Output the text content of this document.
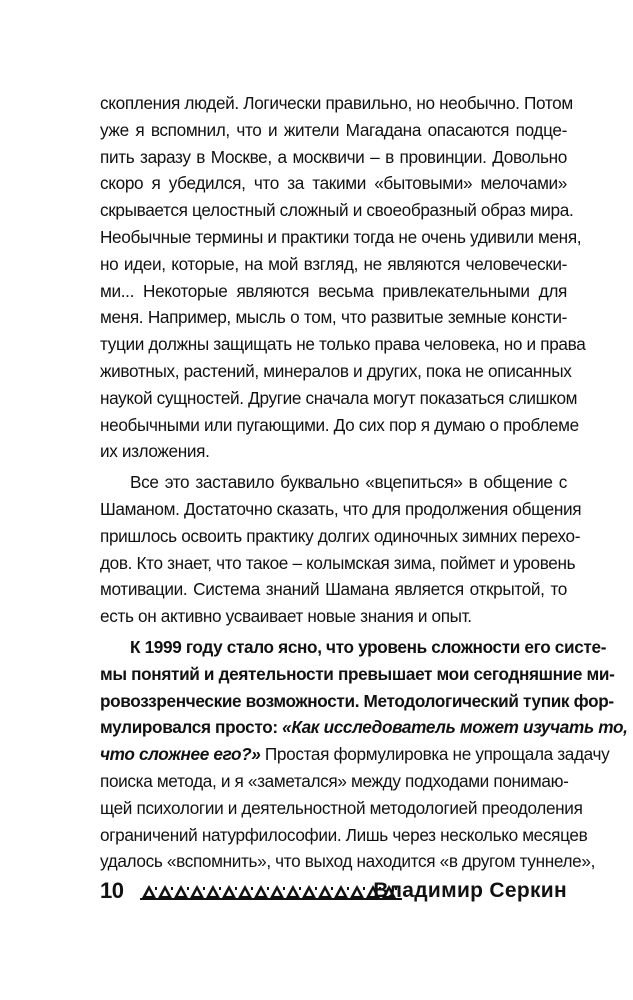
скопления людей. Логически правильно, но необычно. Потом
уже я вспомнил, что и жители Магадана опасаются подце-
пить заразу в Москве, а москвичи – в провинции. Довольно
скоро я убедился, что за такими «бытовыми» мелочами»
скрывается целостный сложный и своеобразный образ мира.
Необычные термины и практики тогда не очень удивили меня,
но идеи, которые, на мой взгляд, не являются человечески-
ми... Некоторые являются весьма привлекательными для
меня. Например, мысль о том, что развитые земные консти-
туции должны защищать не только права человека, но и права
животных, растений, минералов и других, пока не описанных
наукой сущностей. Другие сначала могут показаться слишком
необычными или пугающими. До сих пор я думаю о проблеме
их изложения.
Все это заставило буквально «вцепиться» в общение с
Шаманом. Достаточно сказать, что для продолжения общения
пришлось освоить практику долгих одиночных зимних перехо-
дов. Кто знает, что такое – колымская зима, поймет и уровень
мотивации. Система знаний Шамана является открытой, то
есть он активно усваивает новые знания и опыт.
К 1999 году стало ясно, что уровень сложности его систе-
мы понятий и деятельности превышает мои сегодняшние ми-
ровоззренческие возможности. Методологический тупик фор-
мулировался просто: «Как исследователь может изучать то,
что сложнее его?» Простая формулировка не упрощала задачу
поиска метода, и я «заметался» между подходами понимаю-
щей психологии и деятельностной методологией преодоления
ограничений натурфилософии. Лишь через несколько месяцев
удалось «вспомнить», что выход находится «в другом туннеле»,
10	Владимир Серкин
